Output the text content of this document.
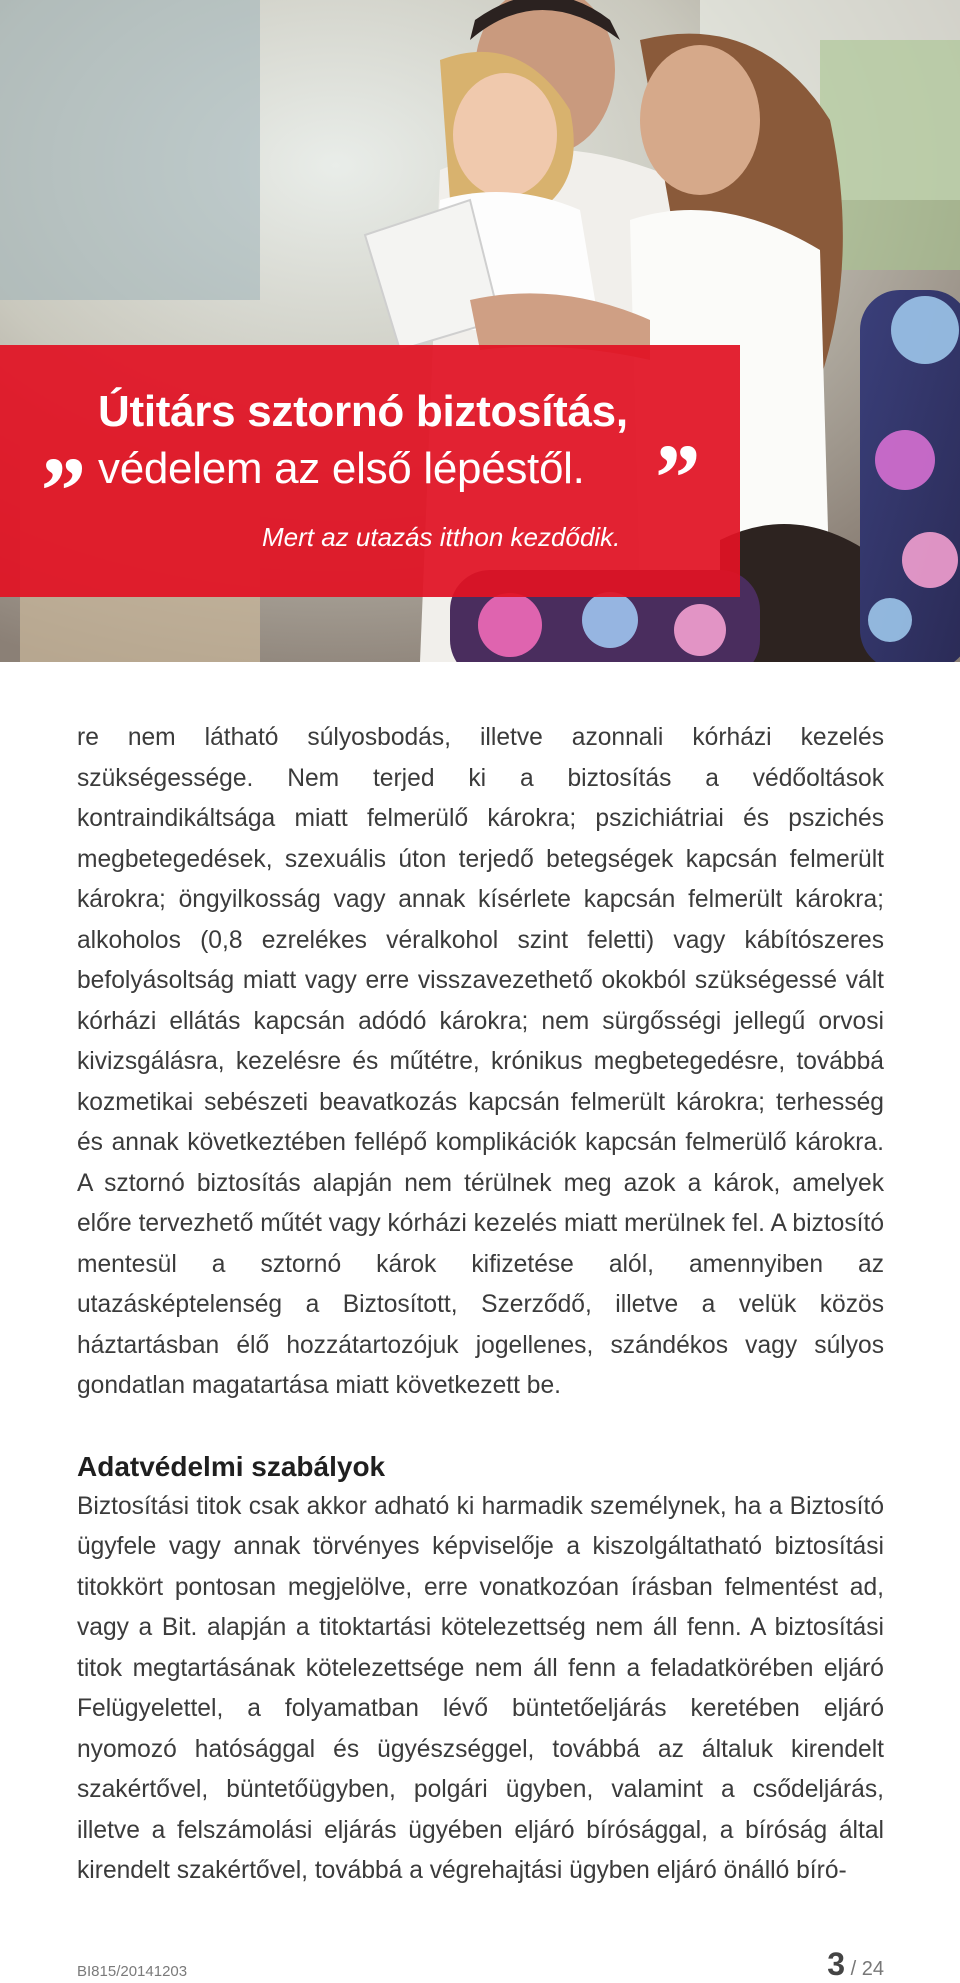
„ Útitárs sztornó biztosítás,
védelem az első lépéstől. ”
Mert az utazás itthon kezdődik.

re nem látható súlyosbodás, illetve azonnali kórházi kezelés szükségessége. Nem terjed ki a biztosítás a védőoltások kontraindikáltsága miatt felmerülő károkra; pszichiátriai és pszichés megbetegedések, szexuális úton terjedő betegségek kapcsán felmerült károkra; öngyilkosság vagy annak kísérlete kapcsán felmerült károkra; alkoholos (0,8 ezrelékes véralkohol szint feletti) vagy kábítószeres befolyásoltság miatt vagy erre visszavezethető okokból szükségessé vált kórházi ellátás kapcsán adódó károkra; nem sürgősségi jellegű orvosi kivizsgálásra, kezelésre és műtétre, krónikus megbetegedésre, továbbá kozmetikai sebészeti beavatkozás kapcsán felmerült károkra; terhesség és annak következtében fellépő komplikációk kapcsán felmerülő károkra. A sztornó biztosítás alapján nem térülnek meg azok a károk, amelyek előre tervezhető műtét vagy kórházi kezelés miatt merülnek fel. A biztosító mentesül a sztornó károk kifizetése alól, amennyiben az utazásképtelenség a Biztosított, Szerződő, illetve a velük közös háztartásban élő hozzátartozójuk jogellenes, szándékos vagy súlyos gondatlan magatartása miatt következett be.

Adatvédelmi szabályok

Biztosítási titok csak akkor adható ki harmadik személynek, ha a Biztosító ügyfele vagy annak törvényes képviselője a kiszolgáltatható biztosítási titokkört pontosan megjelölve, erre vonatkozóan írásban felmentést ad, vagy a Bit. alapján a titoktartási kötelezettség nem áll fenn. A biztosítási titok megtartásának kötelezettsége nem áll fenn a feladatkörében eljáró Felügyelettel, a folyamatban lévő büntetőeljárás keretében eljáró nyomozó hatósággal és ügyészséggel, továbbá az általuk kirendelt szakértővel, büntetőügyben, polgári ügyben, valamint a csődeljárás, illetve a felszámolási eljárás ügyében eljáró bírósággal, a bíróság által kirendelt szakértővel, továbbá a végrehajtási ügyben eljáró önálló bíró-

BI815/20141203	3 / 24
